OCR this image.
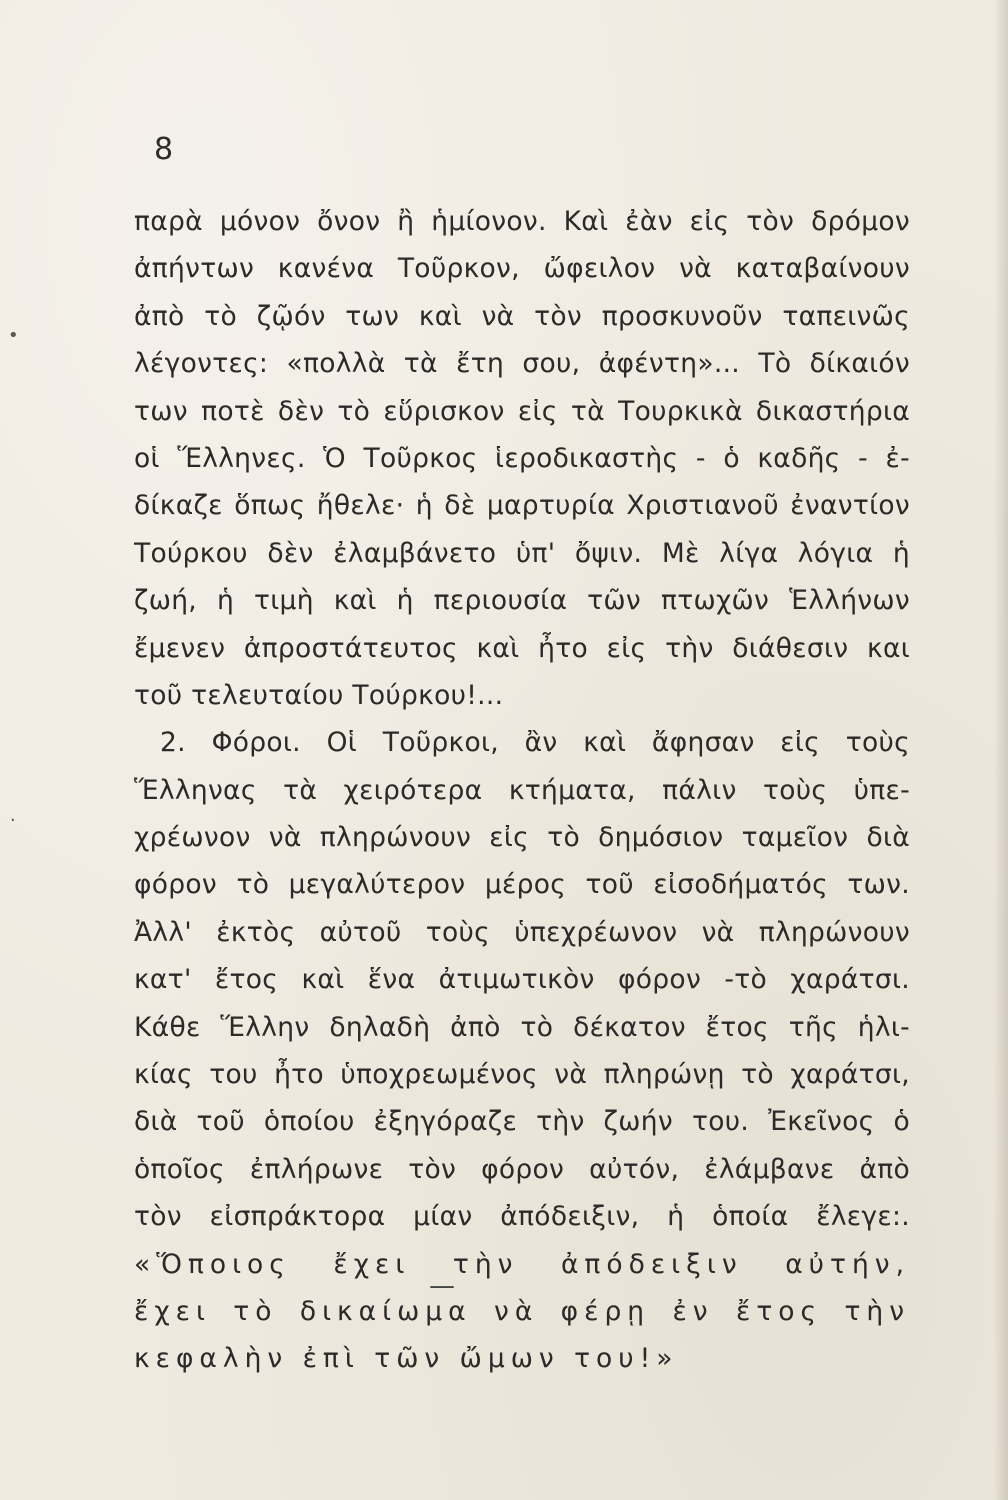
8
•
·
παρὰ μόνον ὄνον ἢ ἡμίονον. Καὶ ἐὰν εἰς τὸν δρόμον
ἀπήντων κανένα Τοῦρκον, ὤφειλον νὰ καταβαίνουν
ἀπὸ τὸ ζῷόν των καὶ νὰ τὸν προσκυνοῦν ταπεινῶς
λέγοντες: «πολλὰ τὰ ἔτη σου, ἀφέντη»... Τὸ δίκαιόν
των ποτὲ δὲν τὸ εὕρισκον εἰς τὰ Τουρκικὰ δικαστήρια
οἱ Ἕλληνες. Ὁ Τοῦρκος ἱεροδικαστὴς - ὁ καδῆς - ἐ-
δίκαζε ὅπως ἤθελε· ἡ δὲ μαρτυρία Χριστιανοῦ ἐναντίον
Τούρκου δὲν ἐλαμβάνετο ὑπ' ὄψιν. Μὲ λίγα λόγια ἡ
ζωή, ἡ τιμὴ καὶ ἡ περιουσία τῶν πτωχῶν Ἑλλήνων
ἔμενεν ἀπροστάτευτος καὶ ἦτο εἰς τὴν διάθεσιν και
τοῦ τελευταίου Τούρκου!...
2. Φόροι. Οἱ Τοῦρκοι, ἂν καὶ ἄφησαν εἰς τοὺς
Ἕλληνας τὰ χειρότερα κτήματα, πάλιν τοὺς ὑπε-
χρέωνον νὰ πληρώνουν εἰς τὸ δημόσιον ταμεῖον διὰ
φόρον τὸ μεγαλύτερον μέρος τοῦ εἰσοδήματός των.
Ἀλλ' ἐκτὸς αὐτοῦ τοὺς ὑπεχρέωνον νὰ πληρώνουν
κατ' ἔτος καὶ ἕνα ἀτιμωτικὸν φόρον -τὸ χαράτσι.
Κάθε Ἕλλην δηλαδὴ ἀπὸ τὸ δέκατον ἔτος τῆς ἡλι-
κίας του ἦτο ὑποχρεωμένος νὰ πληρώνῃ τὸ χαράτσι,
διὰ τοῦ ὁποίου ἐξηγόραζε τὴν ζωήν του. Ἐκεῖνος ὁ
ὁποῖος ἐπλήρωνε τὸν φόρον αὐτόν, ἐλάμβανε ἀπὸ
τὸν εἰσπράκτορα μίαν ἀπόδειξιν, ἡ ὁποία ἔλεγε:.
«Ὅποιος ἔχει τὴν ἀπόδειξιν αὐτήν,
ἔχει τὸ δικαίωμα νὰ φέρῃ ἐν ἔτος τὴν
κεφαλὴν ἐπὶ τῶν ὤμων του!»
—
